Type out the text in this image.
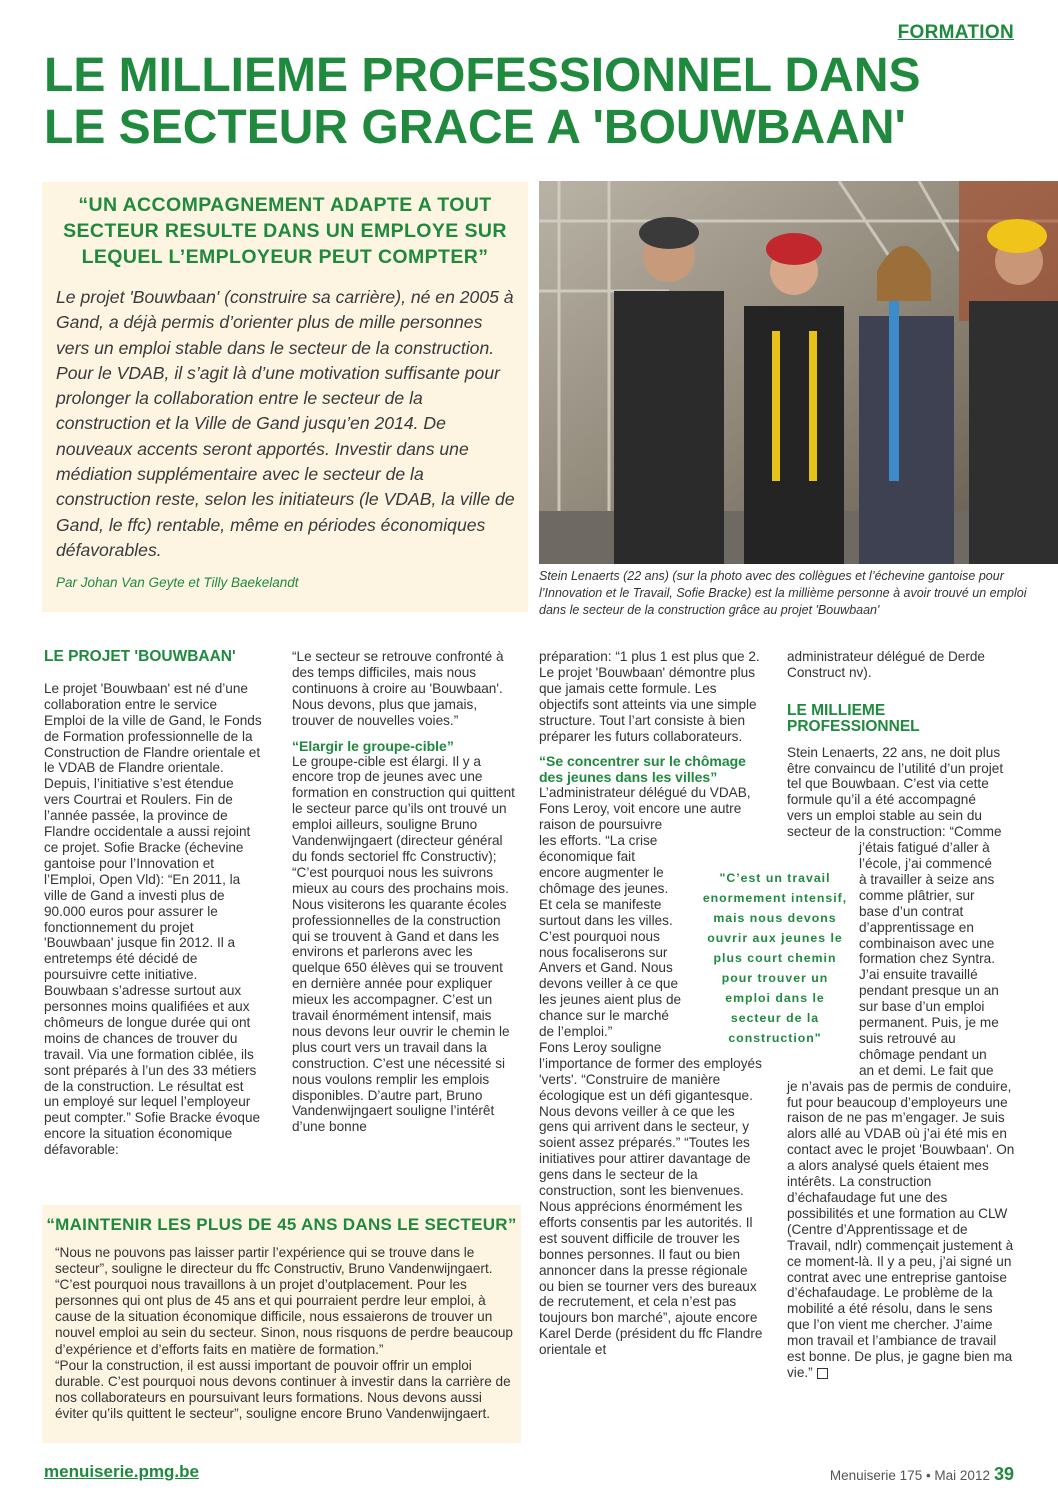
FORMATION
LE MILLIEME PROFESSIONNEL DANS
LE SECTEUR GRACE A 'BOUWBAAN'

“UN ACCOMPAGNEMENT ADAPTE A TOUT SECTEUR RESULTE DANS UN EMPLOYE SUR LEQUEL L’EMPLOYEUR PEUT COMPTER”

Le projet 'Bouwbaan' (construire sa carrière), né en 2005 à Gand, a déjà permis d’orienter plus de mille personnes vers un emploi stable dans le secteur de la construction. Pour le VDAB, il s’agit là d’une motivation suffisante pour prolonger la collaboration entre le secteur de la construction et la Ville de Gand jusqu’en 2014. De nouveaux accents seront apportés. Investir dans une médiation supplémentaire avec le secteur de la construction reste, selon les initiateurs (le VDAB, la ville de Gand, le ffc) rentable, même en périodes économiques défavorables.

Par Johan Van Geyte et Tilly Baekelandt	Stein Lenaerts (22 ans) (sur la photo avec des collègues et l’échevine gantoise pour l’Innovation et le Travail, Sofie Bracke) est la millième personne à avoir trouvé un emploi dans le secteur de la construction grâce au projet 'Bouwbaan'

LE PROJET 'BOUWBAAN'

Le projet 'Bouwbaan' est né d’une collaboration entre le service Emploi de la ville de Gand, le Fonds de Formation professionnelle de la Construction de Flandre orientale et le VDAB de Flandre orientale. Depuis, l’initiative s’est étendue vers Courtrai et Roulers. Fin de l’année passée, la province de Flandre occidentale a aussi rejoint ce projet. Sofie Bracke (échevine gantoise pour l’Innovation et l’Emploi, Open Vld): “En 2011, la ville de Gand a investi plus de 90.000 euros pour assurer le fonctionnement du projet 'Bouwbaan' jusque fin 2012. Il a entretemps été décidé de poursuivre cette initiative. Bouwbaan s’adresse surtout aux personnes moins qualifiées et aux chômeurs de longue durée qui ont moins de chances de trouver du travail. Via une formation ciblée, ils sont préparés à l’un des 33 métiers de la construction. Le résultat est un employé sur lequel l’employeur peut compter.” Sofie Bracke évoque encore la situation économique défavorable:

“Le secteur se retrouve confronté à des temps difficiles, mais nous continuons à croire au 'Bouwbaan'. Nous devons, plus que jamais, trouver de nouvelles voies.”

“Elargir le groupe-cible”

Le groupe-cible est élargi. Il y a encore trop de jeunes avec une formation en construction qui quittent le secteur parce qu’ils ont trouvé un emploi ailleurs, souligne Bruno Vandenwijngaert (directeur général du fonds sectoriel ffc Constructiv); “C’est pourquoi nous les suivrons mieux au cours des prochains mois. Nous visiterons les quarante écoles professionnelles de la construction qui se trouvent à Gand et dans les environs et parlerons avec les quelque 650 élèves qui se trouvent en dernière année pour expliquer mieux les accompagner. C’est un travail énormément intensif, mais nous devons leur ouvrir le chemin le plus court vers un travail dans la construction. C’est une nécessité si nous voulons remplir les emplois disponibles. D’autre part, Bruno Vandenwijngaert souligne l’intérêt d’une bonne

préparation: “1 plus 1 est plus que 2. Le projet 'Bouwbaan' démontre plus que jamais cette formule. Les objectifs sont atteints via une simple structure. Tout l’art consiste à bien préparer les futurs collaborateurs.

“Se concentrer sur le chômage des jeunes dans les villes”

L’administrateur délégué du VDAB,
Fons Leroy, voit encore une autre
raison de poursuivre
les efforts. “La crise
économique fait
encore augmenter le
chômage des jeunes.
Et cela se manifeste
surtout dans les villes.
C’est pourquoi nous
nous focaliserons sur
Anvers et Gand. Nous
devons veiller à ce que
les jeunes aient plus de
chance sur le marché
de l’emploi.”
Fons Leroy souligne

l’importance de former des employés 'verts'. “Construire de manière écologique est un défi gigantesque. Nous devons veiller à ce que les gens qui arrivent dans le secteur, y soient assez préparés.” “Toutes les initiatives pour attirer davantage de gens dans le secteur de la construction, sont les bienvenues. Nous apprécions énormément les efforts consentis par les autorités. Il est souvent difficile de trouver les bonnes personnes. Il faut ou bien annoncer dans la presse régionale ou bien se tourner vers des bureaux de recrutement, et cela n’est pas toujours bon marché”, ajoute encore Karel Derde (président du ffc Flandre orientale et

"C’est un travail enormement intensif, mais nous devons ouvrir aux jeunes le plus court chemin pour trouver un emploi dans le secteur de la construction"

administrateur délégué de Derde Construct nv).

LE MILLIEME PROFESSIONNEL

Stein Lenaerts, 22 ans, ne doit plus
être convaincu de l’utilité d’un projet
tel que Bouwbaan. C’est via cette
formule qu’il a été accompagné
vers un emploi stable au sein du
secteur de la construction: “Comme
j’étais fatigué d’aller à
l’école, j’ai commencé
à travailler à seize ans
comme plâtrier, sur
base d’un contrat
d’apprentissage en
combinaison avec une
formation chez Syntra.
J’ai ensuite travaillé
pendant presque un an
sur base d’un emploi
permanent. Puis, je me
suis retrouvé au
chômage pendant un
an et demi. Le fait que

je n’avais pas de permis de conduire, fut pour beaucoup d’employeurs une raison de ne pas m’engager. Je suis alors allé au VDAB où j’ai été mis en contact avec le projet 'Bouwbaan'. On a alors analysé quels étaient mes intérêts. La construction d’échafaudage fut une des possibilités et une formation au CLW (Centre d’Apprentissage et de Travail, ndlr) commençait justement à ce moment-là. Il y a peu, j’ai signé un contrat avec une entreprise gantoise d’échafaudage. Le problème de la mobilité a été résolu, dans le sens que l’on vient me chercher. J’aime mon travail et l’ambiance de travail est bonne. De plus, je gagne bien ma vie.”

“MAINTENIR LES PLUS DE 45 ANS DANS LE SECTEUR”

“Nous ne pouvons pas laisser partir l’expérience qui se trouve dans le secteur”, souligne le directeur du ffc Constructiv, Bruno Vandenwijngaert. “C’est pourquoi nous travaillons à un projet d’outplacement. Pour les personnes qui ont plus de 45 ans et qui pourraient perdre leur emploi, à cause de la situation économique difficile, nous essaierons de trouver un nouvel emploi au sein du secteur. Sinon, nous risquons de perdre beaucoup d’expérience et d’efforts faits en matière de formation.”

“Pour la construction, il est aussi important de pouvoir offrir un emploi durable. C’est pourquoi nous devons continuer à investir dans la carrière de nos collaborateurs en poursuivant leurs formations. Nous devons aussi éviter qu’ils quittent le secteur”, souligne encore Bruno Vandenwijngaert.

menuiserie.pmg.be	Menuiserie 175 • Mai 2012 39
